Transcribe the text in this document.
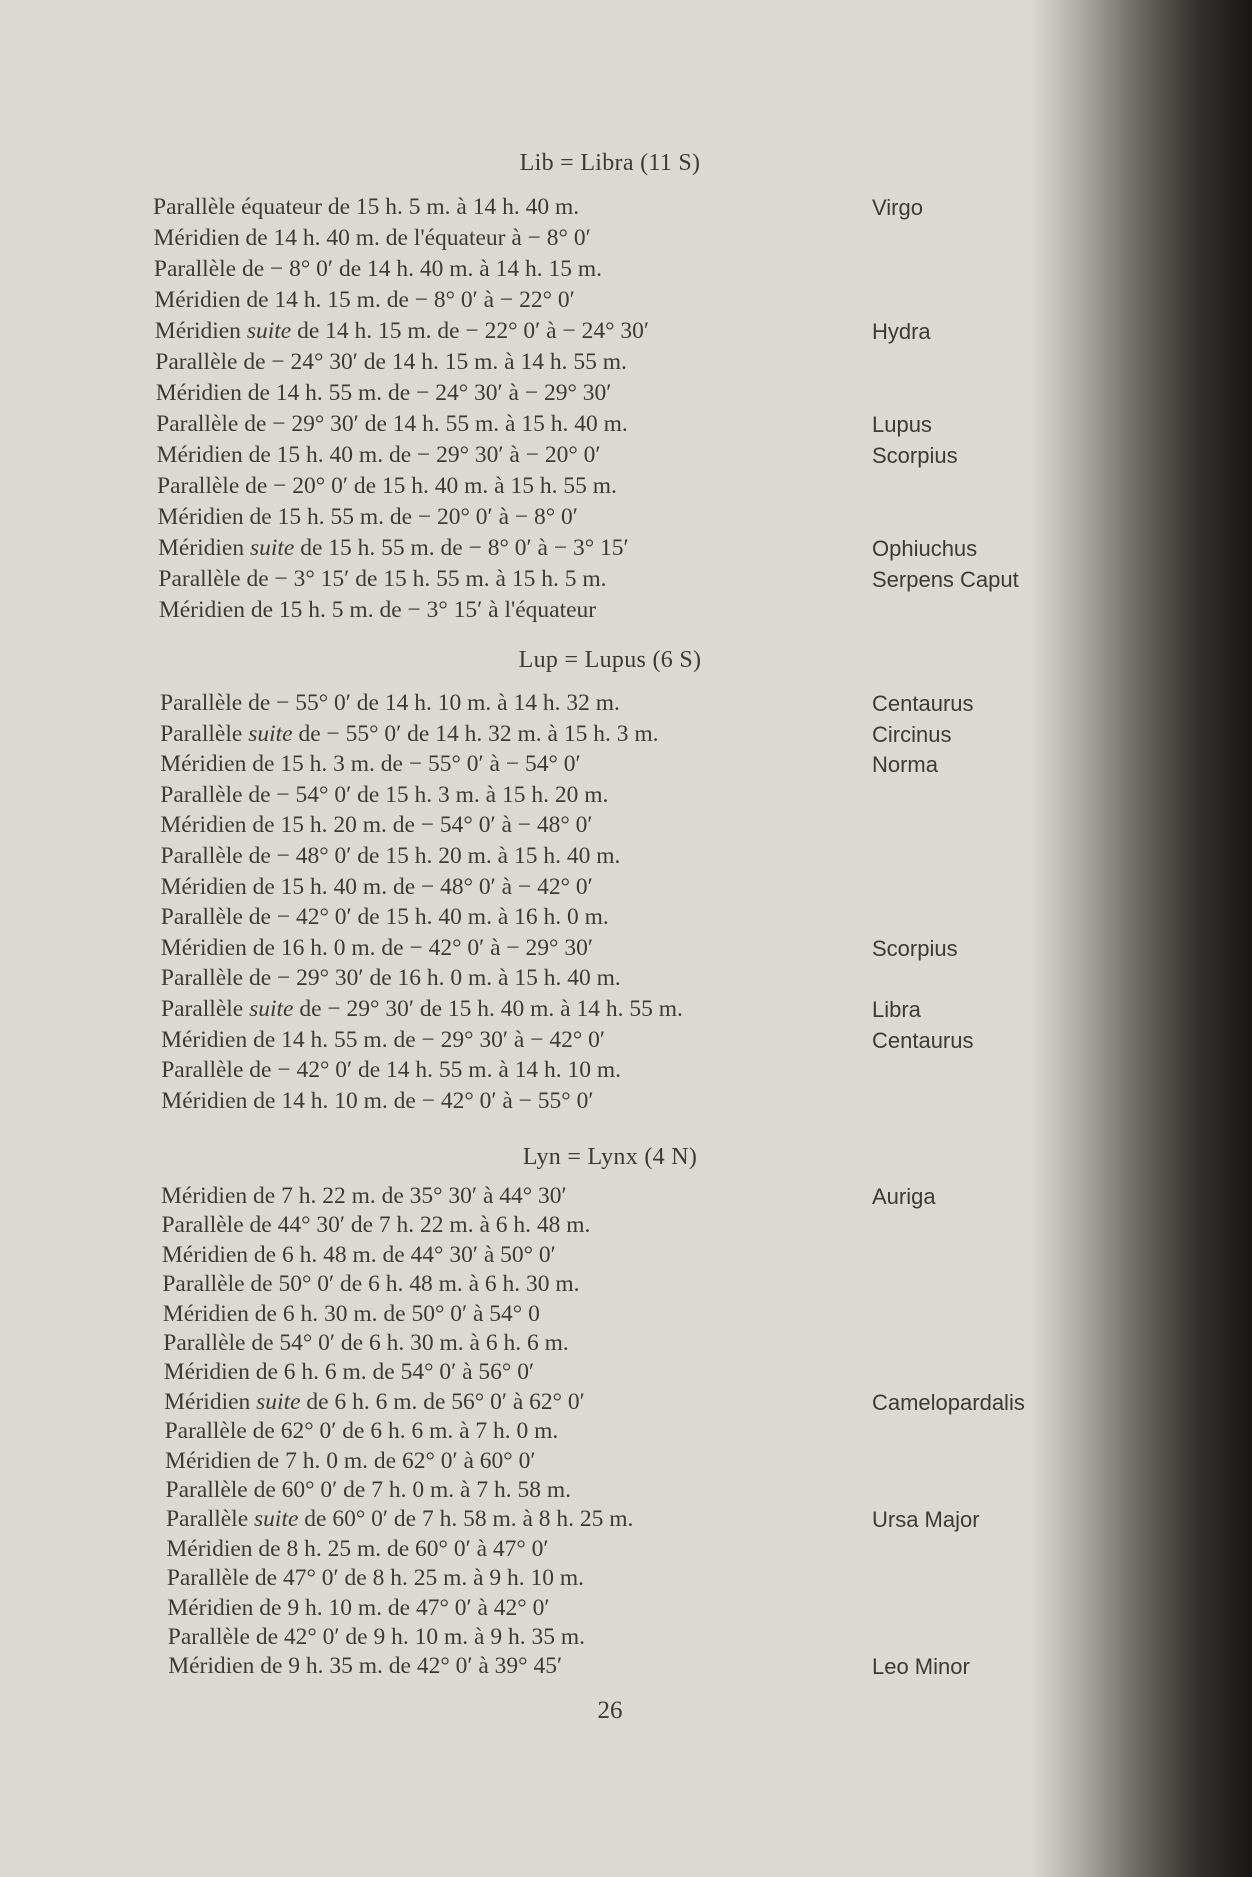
Lib = Libra (11 S)
Parallèle équateur de 15 h. 5 m. à 14 h. 40 m.	Virgo
Méridien de 14 h. 40 m. de l'équateur à − 8° 0′
Parallèle de − 8° 0′ de 14 h. 40 m. à 14 h. 15 m.
Méridien de 14 h. 15 m. de − 8° 0′ à − 22° 0′
Méridien suite de 14 h. 15 m. de − 22° 0′ à − 24° 30′	Hydra
Parallèle de − 24° 30′ de 14 h. 15 m. à 14 h. 55 m.
Méridien de 14 h. 55 m. de − 24° 30′ à − 29° 30′
Parallèle de − 29° 30′ de 14 h. 55 m. à 15 h. 40 m.	Lupus
Méridien de 15 h. 40 m. de − 29° 30′ à − 20° 0′	Scorpius
Parallèle de − 20° 0′ de 15 h. 40 m. à 15 h. 55 m.
Méridien de 15 h. 55 m. de − 20° 0′ à − 8° 0′
Méridien suite de 15 h. 55 m. de − 8° 0′ à − 3° 15′	Ophiuchus
Parallèle de − 3° 15′ de 15 h. 55 m. à 15 h. 5 m.	Serpens Caput
Méridien de 15 h. 5 m. de − 3° 15′ à l'équateur
Lup = Lupus (6 S)
Parallèle de − 55° 0′ de 14 h. 10 m. à 14 h. 32 m.	Centaurus
Parallèle suite de − 55° 0′ de 14 h. 32 m. à 15 h. 3 m.	Circinus
Méridien de 15 h. 3 m. de − 55° 0′ à − 54° 0′	Norma
Parallèle de − 54° 0′ de 15 h. 3 m. à 15 h. 20 m.
Méridien de 15 h. 20 m. de − 54° 0′ à − 48° 0′
Parallèle de − 48° 0′ de 15 h. 20 m. à 15 h. 40 m.
Méridien de 15 h. 40 m. de − 48° 0′ à − 42° 0′
Parallèle de − 42° 0′ de 15 h. 40 m. à 16 h. 0 m.
Méridien de 16 h. 0 m. de − 42° 0′ à − 29° 30′	Scorpius
Parallèle de − 29° 30′ de 16 h. 0 m. à 15 h. 40 m.
Parallèle suite de − 29° 30′ de 15 h. 40 m. à 14 h. 55 m.	Libra
Méridien de 14 h. 55 m. de − 29° 30′ à − 42° 0′	Centaurus
Parallèle de − 42° 0′ de 14 h. 55 m. à 14 h. 10 m.
Méridien de 14 h. 10 m. de − 42° 0′ à − 55° 0′
Lyn = Lynx (4 N)
Méridien de 7 h. 22 m. de 35° 30′ à 44° 30′	Auriga
Parallèle de 44° 30′ de 7 h. 22 m. à 6 h. 48 m.
Méridien de 6 h. 48 m. de 44° 30′ à 50° 0′
Parallèle de 50° 0′ de 6 h. 48 m. à 6 h. 30 m.
Méridien de 6 h. 30 m. de 50° 0′ à 54° 0
Parallèle de 54° 0′ de 6 h. 30 m. à 6 h. 6 m.
Méridien de 6 h. 6 m. de 54° 0′ à 56° 0′
Méridien suite de 6 h. 6 m. de 56° 0′ à 62° 0′	Camelopardalis
Parallèle de 62° 0′ de 6 h. 6 m. à 7 h. 0 m.
Méridien de 7 h. 0 m. de 62° 0′ à 60° 0′
Parallèle de 60° 0′ de 7 h. 0 m. à 7 h. 58 m.
Parallèle suite de 60° 0′ de 7 h. 58 m. à 8 h. 25 m.	Ursa Major
Méridien de 8 h. 25 m. de 60° 0′ à 47° 0′
Parallèle de 47° 0′ de 8 h. 25 m. à 9 h. 10 m.
Méridien de 9 h. 10 m. de 47° 0′ à 42° 0′
Parallèle de 42° 0′ de 9 h. 10 m. à 9 h. 35 m.
Méridien de 9 h. 35 m. de 42° 0′ à 39° 45′	Leo Minor
26
